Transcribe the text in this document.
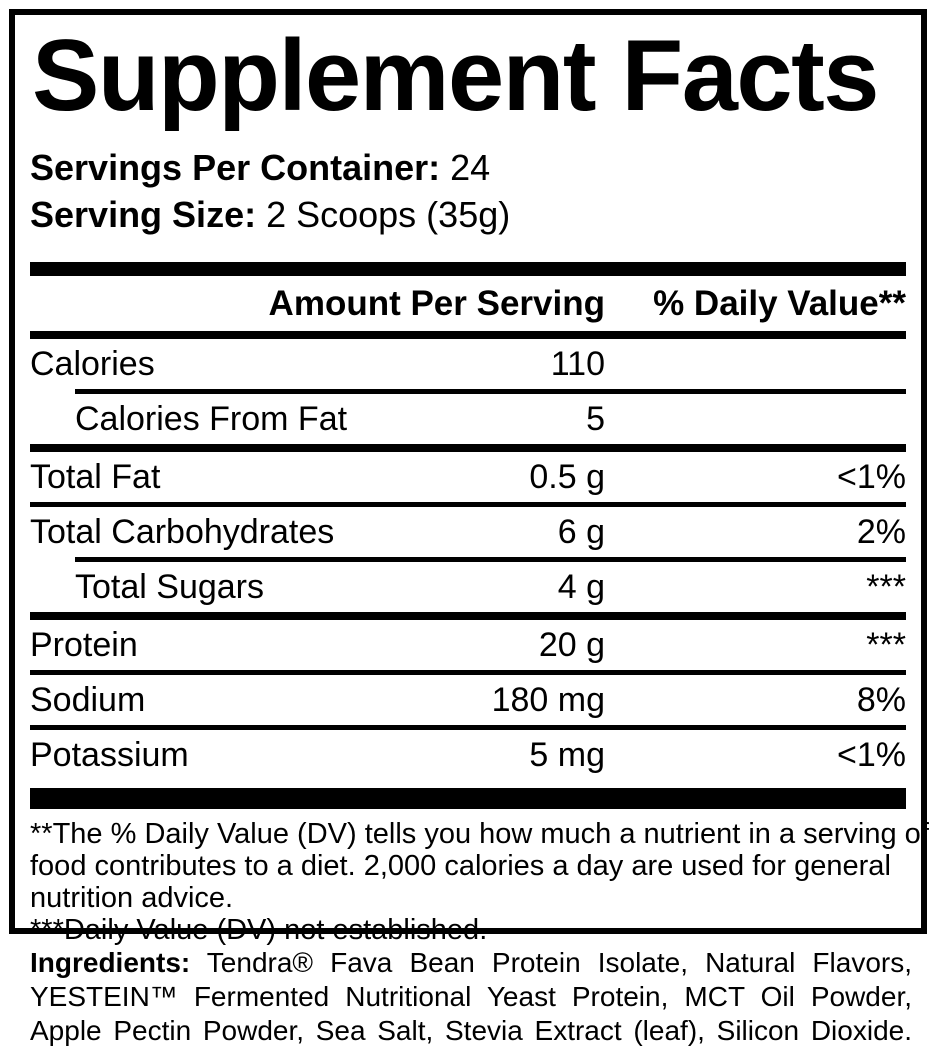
Supplement Facts
Servings Per Container: 24
Serving Size: 2 Scoops (35g)
Amount Per Serving % Daily Value**
Calories	110
Calories From Fat	5
Total Fat	0.5 g	<1%
Total Carbohydrates	6 g	2%
Total Sugars	4 g	***
Protein	20 g	***
Sodium	180 mg	8%
Potassium	5 mg	<1%
**The % Daily Value (DV) tells you how much a nutrient in a serving of
food contributes to a diet. 2,000 calories a day are used for general
nutrition advice.
***Daily Value (DV) not established.
Ingredients: Tendra® Fava Bean Protein Isolate, Natural Flavors,
YESTEIN™ Fermented Nutritional Yeast Protein, MCT Oil Powder,
Apple Pectin Powder, Sea Salt, Stevia Extract (leaf), Silicon Dioxide.
